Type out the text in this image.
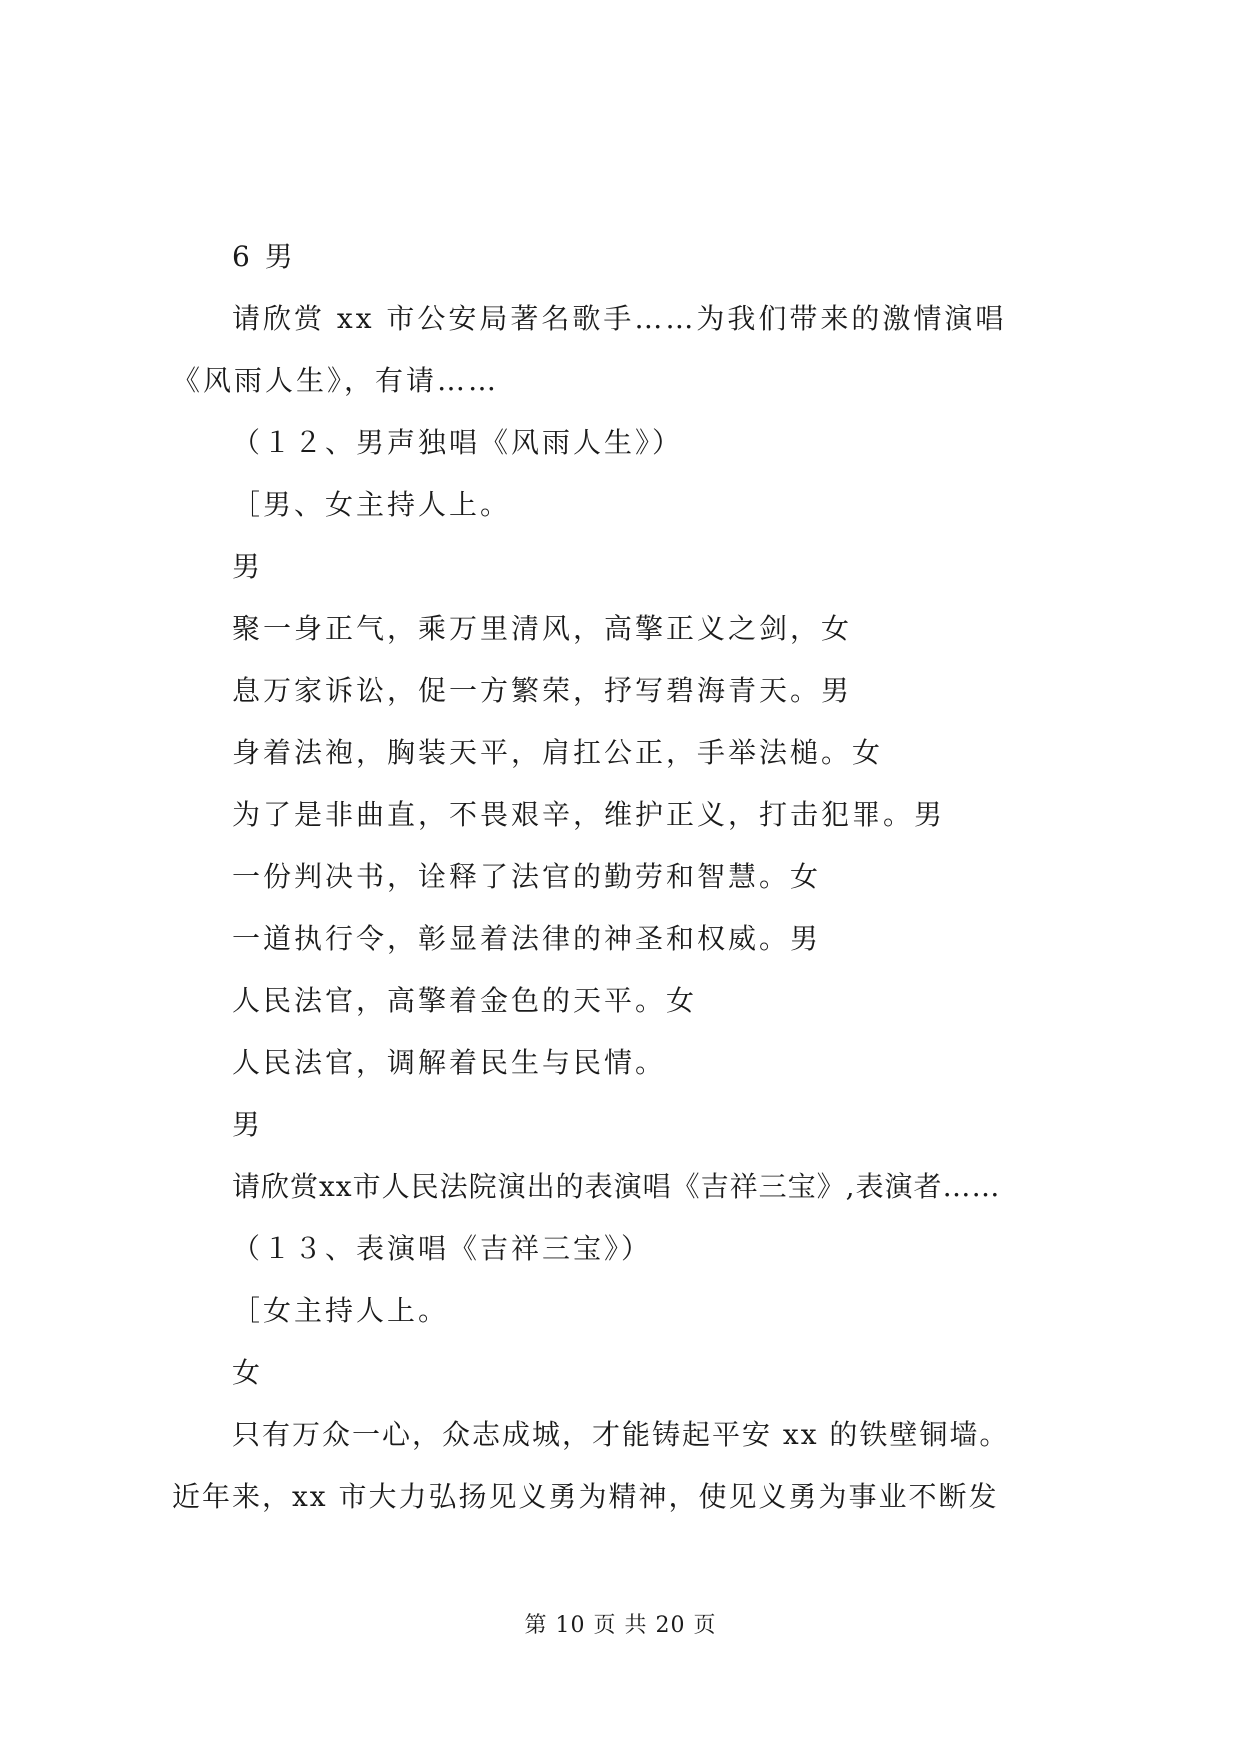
6 男
请欣赏 xx 市公安局著名歌手……为我们带来的激情演唱
《风雨人生》，有请……
（１２、男声独唱《风雨人生》）
［男、女主持人上。
男
聚一身正气，乘万里清风，高擎正义之剑，女
息万家诉讼，促一方繁荣，抒写碧海青天。男
身着法袍，胸装天平，肩扛公正，手举法槌。女
为了是非曲直，不畏艰辛，维护正义，打击犯罪。男
一份判决书，诠释了法官的勤劳和智慧。女
一道执行令，彰显着法律的神圣和权威。男
人民法官，高擎着金色的天平。女
人民法官，调解着民生与民情。
男
请欣赏xx市人民法院演出的表演唱《吉祥三宝》,表演者……
（１３、表演唱《吉祥三宝》）
［女主持人上。
女
只有万众一心，众志成城，才能铸起平安 xx 的铁壁铜墙。
近年来，xx 市大力弘扬见义勇为精神，使见义勇为事业不断发
第 10 页 共 20 页
